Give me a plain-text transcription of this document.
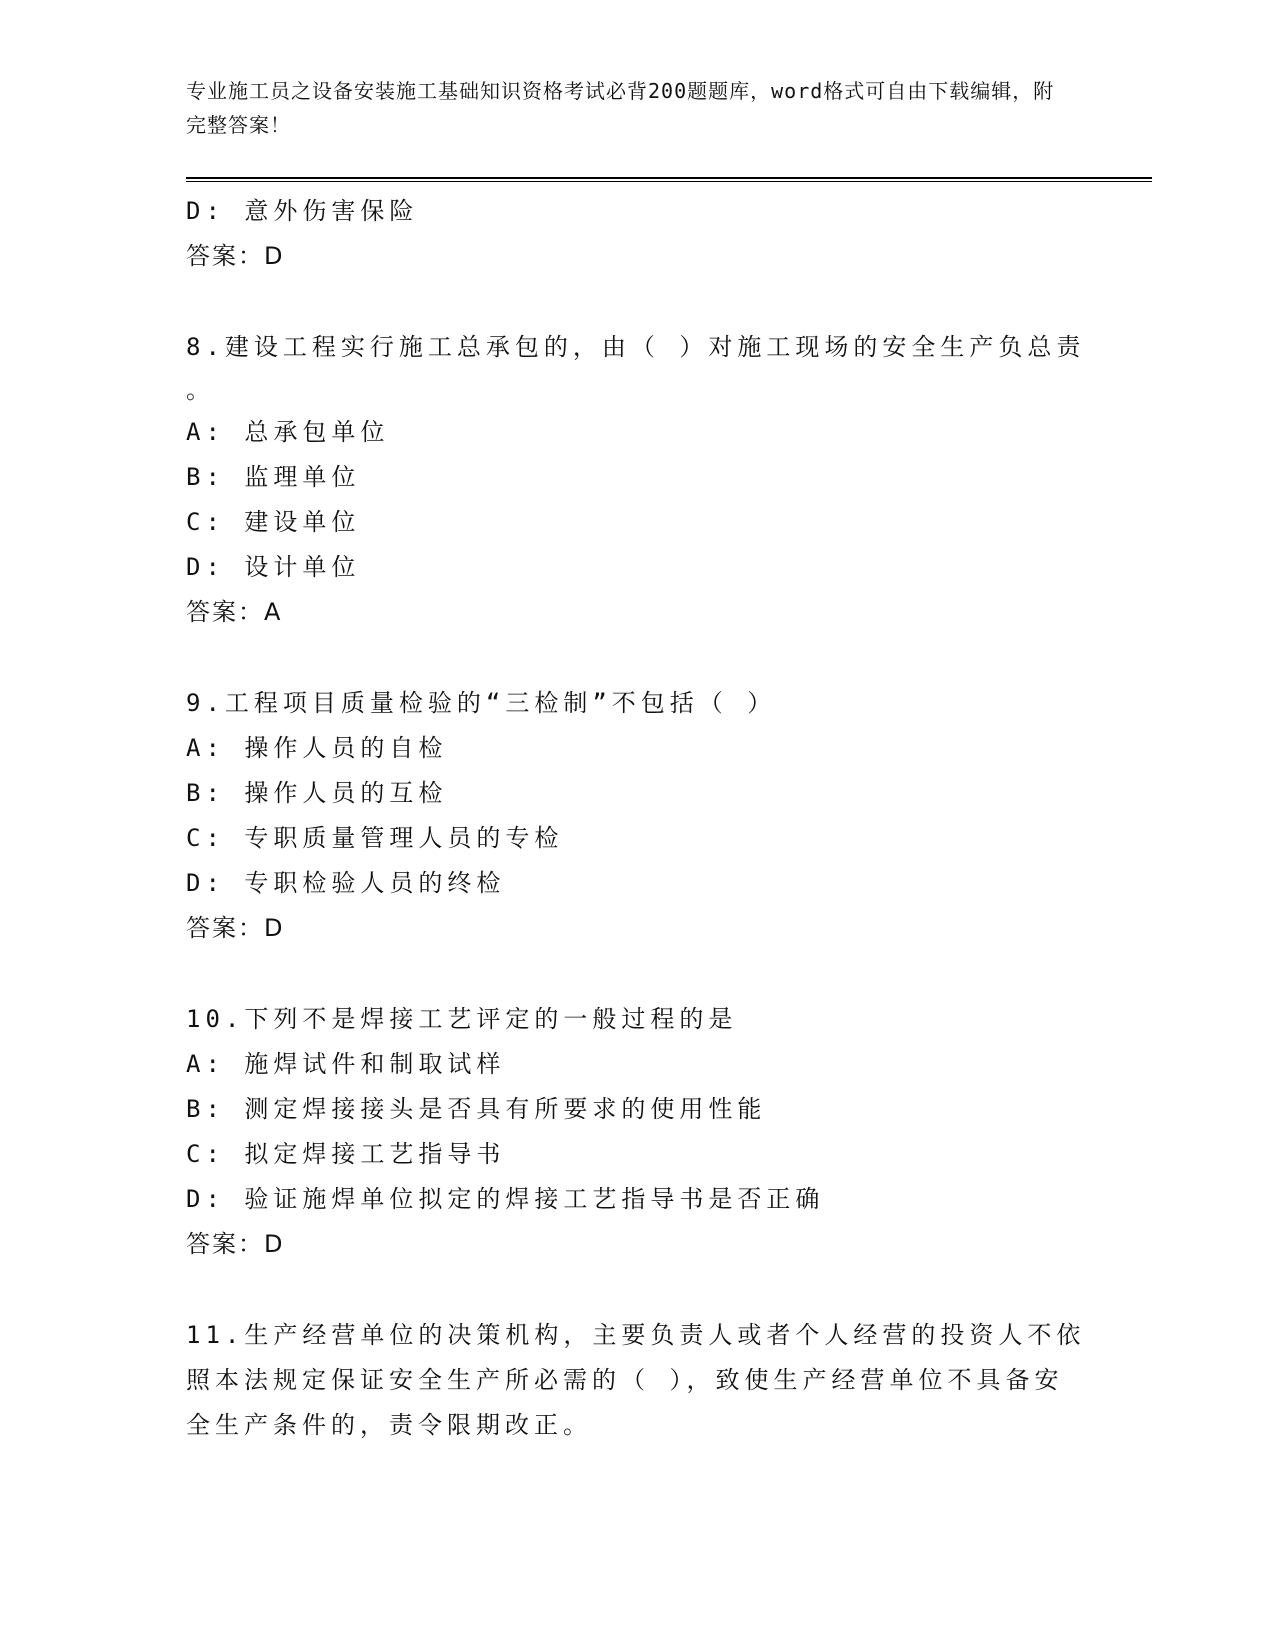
专业施工员之设备安装施工基础知识资格考试必背200题题库，word格式可自由下载编辑，附完整答案！
D: 意外伤害保险
答案：D
8.建设工程实行施工总承包的，由（ ）对施工现场的安全生产负总责
。
A: 总承包单位
B: 监理单位
C: 建设单位
D: 设计单位
答案：A
9.工程项目质量检验的“三检制”不包括（ ）
A: 操作人员的自检
B: 操作人员的互检
C: 专职质量管理人员的专检
D: 专职检验人员的终检
答案：D
10.下列不是焊接工艺评定的一般过程的是
A: 施焊试件和制取试样
B: 测定焊接接头是否具有所要求的使用性能
C: 拟定焊接工艺指导书
D: 验证施焊单位拟定的焊接工艺指导书是否正确
答案：D
11.生产经营单位的决策机构，主要负责人或者个人经营的投资人不依
照本法规定保证安全生产所必需的（ ），致使生产经营单位不具备安
全生产条件的，责令限期改正。
